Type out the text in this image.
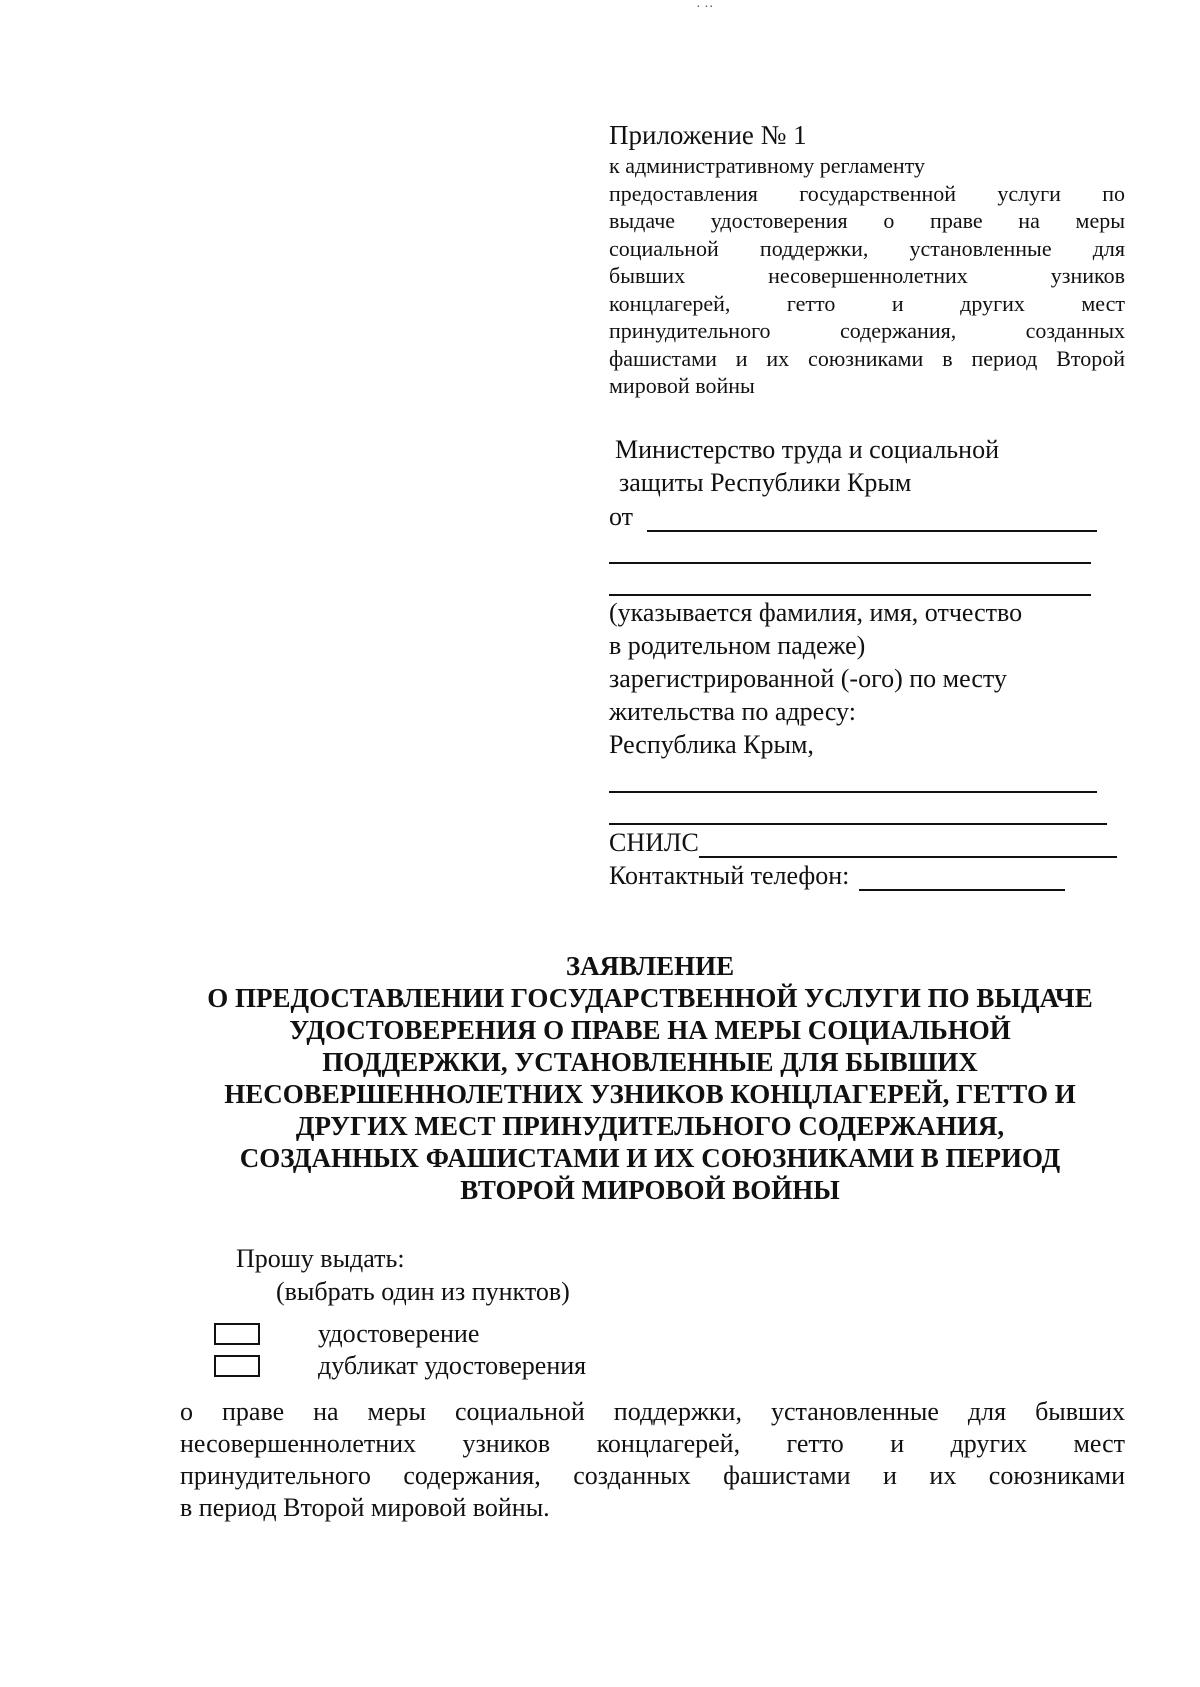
· ··

Приложение № 1

к административному регламенту

предоставления государственной услуги по

выдаче удостоверения о праве на меры

социальной поддержки, установленные для

бывших несовершеннолетних узников

концлагерей, гетто и других мест

принудительного содержания, созданных

фашистами и их союзниками в период Второй

мировой войны

Министерство труда и социальной

защиты Республики Крым

от

(указывается фамилия, имя, отчество

в родительном падеже)

зарегистрированной (-ого) по месту

жительства по адресу:

Республика Крым,

СНИЛС
Контактный телефон:
ЗАЯВЛЕНИЕ
О ПРЕДОСТАВЛЕНИИ ГОСУДАРСТВЕННОЙ УСЛУГИ ПО ВЫДАЧЕ
УДОСТОВЕРЕНИЯ О ПРАВЕ НА МЕРЫ СОЦИАЛЬНОЙ
ПОДДЕРЖКИ, УСТАНОВЛЕННЫЕ ДЛЯ БЫВШИХ
НЕСОВЕРШЕННОЛЕТНИХ УЗНИКОВ КОНЦЛАГЕРЕЙ, ГЕТТО И
ДРУГИХ МЕСТ ПРИНУДИТЕЛЬНОГО СОДЕРЖАНИЯ,
СОЗДАННЫХ ФАШИСТАМИ И ИХ СОЮЗНИКАМИ В ПЕРИОД
ВТОРОЙ МИРОВОЙ ВОЙНЫ

Прошу выдать:

(выбрать один из пунктов)

удостоверение
дубликат удостоверения

о праве на меры социальной поддержки, установленные для бывших
несовершеннолетних узников концлагерей, гетто и других мест
принудительного содержания, созданных фашистами и их союзниками
в период Второй мировой войны.
